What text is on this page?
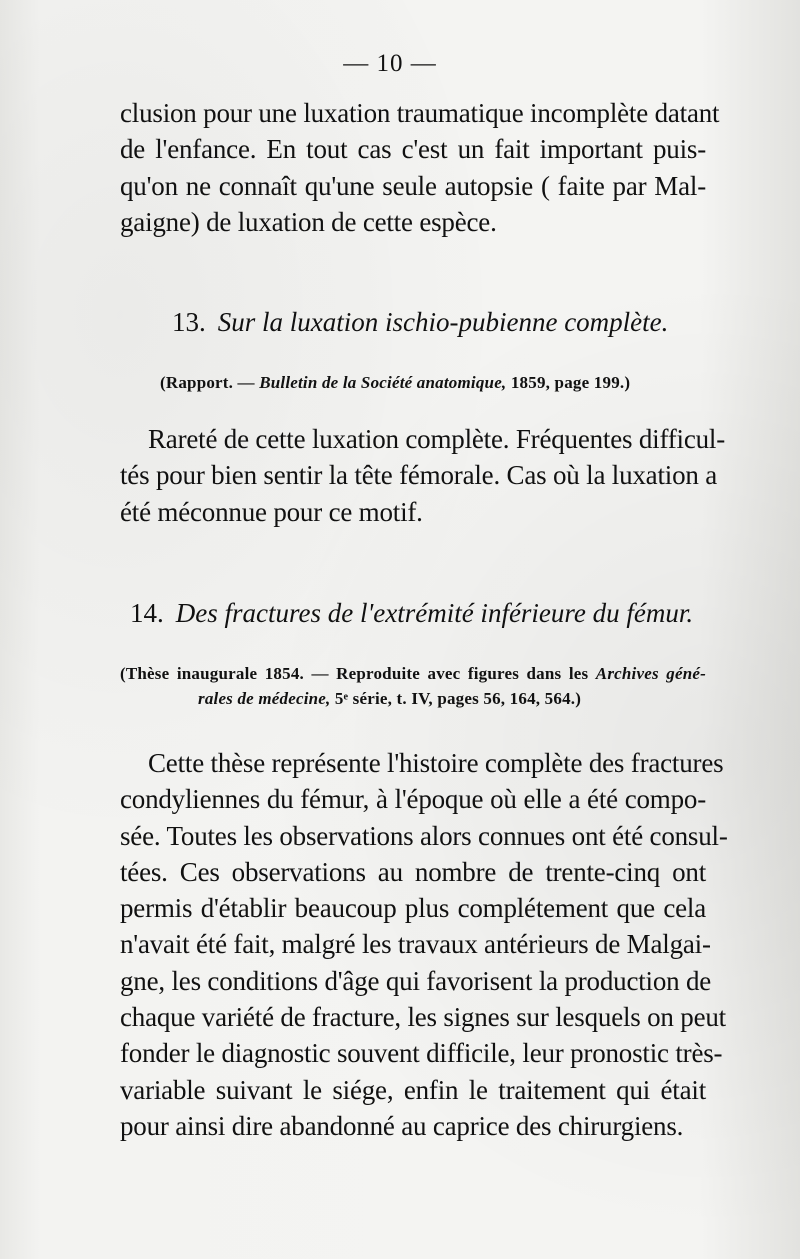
— 10 —
clusion pour une luxation traumatique incomplète datant
de l'enfance. En tout cas c'est un fait important puis-
qu'on ne connaît qu'une seule autopsie ( faite par Mal-
gaigne) de luxation de cette espèce.
13. Sur la luxation ischio-pubienne complète.
(Rapport. — Bulletin de la Société anatomique, 1859, page 199.)
Rareté de cette luxation complète. Fréquentes difficul-
tés pour bien sentir la tête fémorale. Cas où la luxation a
été méconnue pour ce motif.
14. Des fractures de l'extrémité inférieure du fémur.
(Thèse inaugurale 1854. — Reproduite avec figures dans les Archives géné-
rales de médecine, 5ᵉ série, t. IV, pages 56, 164, 564.)
Cette thèse représente l'histoire complète des fractures
condyliennes du fémur, à l'époque où elle a été compo-
sée. Toutes les observations alors connues ont été consul-
tées. Ces observations au nombre de trente-cinq ont
permis d'établir beaucoup plus complétement que cela
n'avait été fait, malgré les travaux antérieurs de Malgai-
gne, les conditions d'âge qui favorisent la production de
chaque variété de fracture, les signes sur lesquels on peut
fonder le diagnostic souvent difficile, leur pronostic très-
variable suivant le siége, enfin le traitement qui était
pour ainsi dire abandonné au caprice des chirurgiens.
